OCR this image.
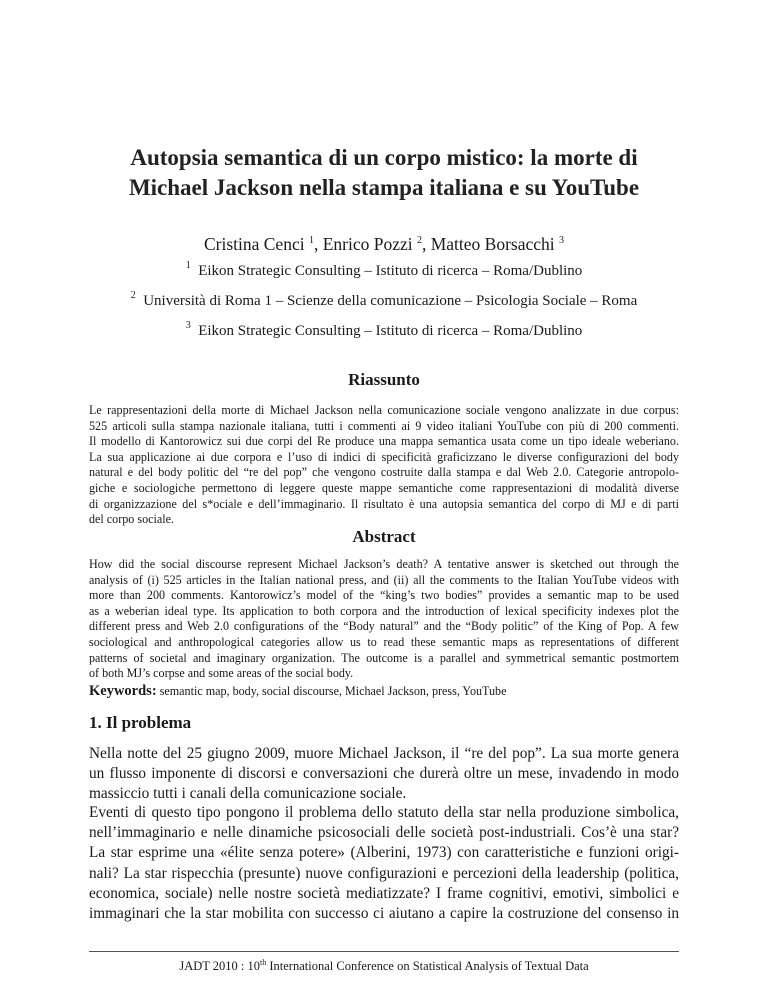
Autopsia semantica di un corpo mistico: la morte di
Michael Jackson nella stampa italiana e su YouTube
Cristina Cenci $^1$, Enrico Pozzi $^2$, Matteo Borsacchi $^3$
$^1$ Eikon Strategic Consulting – Istituto di ricerca – Roma/Dublino
$^2$ Università di Roma 1 – Scienze della comunicazione – Psicologia Sociale – Roma
$^3$ Eikon Strategic Consulting – Istituto di ricerca – Roma/Dublino
Riassunto
Le rappresentazioni della morte di Michael Jackson nella comunicazione sociale vengono analizzate in due corpus:
525 articoli sulla stampa nazionale italiana, tutti i commenti ai 9 video italiani YouTube con più di 200 commenti.
Il modello di Kantorowicz sui due corpi del Re produce una mappa semantica usata come un tipo ideale weberiano.
La sua applicazione ai due corpora e l’uso di indici di specificità graficizzano le diverse configurazioni del body
natural e del body politic del “re del pop” che vengono costruite dalla stampa e dal Web 2.0. Categorie antropolo-
giche e sociologiche permettono di leggere queste mappe semantiche come rappresentazioni di modalità diverse
di organizzazione del s*ociale e dell’immaginario. Il risultato è una autopsia semantica del corpo di MJ e di parti
del corpo sociale.
Abstract
How did the social discourse represent Michael Jackson’s death? A tentative answer is sketched out through the
analysis of (i) 525 articles in the Italian national press, and (ii) all the comments to the Italian YouTube videos with
more than 200 comments. Kantorowicz’s model of the “king’s two bodies” provides a semantic map to be used
as a weberian ideal type. Its application to both corpora and the introduction of lexical specificity indexes plot the
different press and Web 2.0 configurations of the “Body natural” and the “Body politic” of the King of Pop. A few
sociological and anthropological categories allow us to read these semantic maps as representations of different
patterns of societal and imaginary organization. The outcome is a parallel and symmetrical semantic postmortem
of both MJ’s corpse and some areas of the social body.
Keywords: semantic map, body, social discourse, Michael Jackson, press, YouTube
1. Il problema
Nella notte del 25 giugno 2009, muore Michael Jackson, il “re del pop”. La sua morte genera
un flusso imponente di discorsi e conversazioni che durerà oltre un mese, invadendo in modo
massiccio tutti i canali della comunicazione sociale.
Eventi di questo tipo pongono il problema dello statuto della star nella produzione simbolica,
nell’immaginario e nelle dinamiche psicosociali delle società post-industriali. Cos’è una star?
La star esprime una «élite senza potere» (Alberini, 1973) con caratteristiche e funzioni origi-
nali? La star rispecchia (presunte) nuove configurazioni e percezioni della leadership (politica,
economica, sociale) nelle nostre società mediatizzate? I frame cognitivi, emotivi, simbolici e
immaginari che la star mobilita con successo ci aiutano a capire la costruzione del consenso in
JADT 2010 : 10th International Conference on Statistical Analysis of Textual Data
